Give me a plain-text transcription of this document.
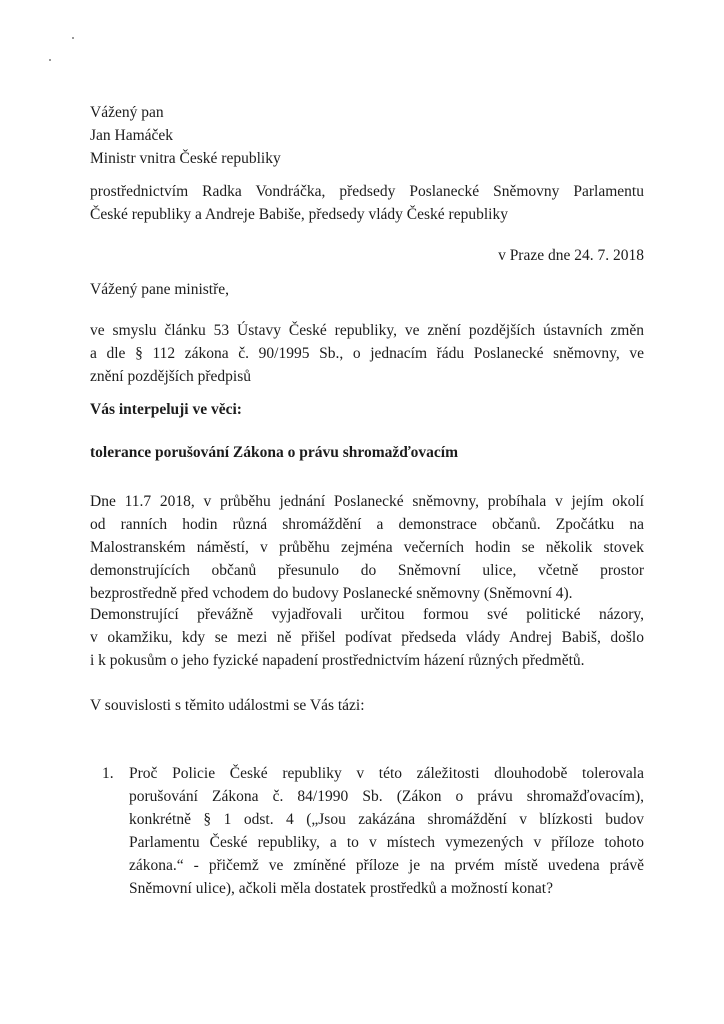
Vážený pan
Jan Hamáček
Ministr vnitra České republiky
prostřednictvím Radka Vondráčka, předsedy Poslanecké Sněmovny Parlamentu
České republiky a Andreje Babiše, předsedy vlády České republiky
v Praze dne 24. 7. 2018
Vážený pane ministře,
ve smyslu článku 53 Ústavy České republiky, ve znění pozdějších ústavních změn
a dle § 112 zákona č. 90/1995 Sb., o jednacím řádu Poslanecké sněmovny, ve
znění pozdějších předpisů
Vás interpeluji ve věci:
tolerance porušování Zákona o právu shromažďovacím
Dne 11.7 2018, v průběhu jednání Poslanecké sněmovny, probíhala v jejím okolí
od ranních hodin různá shromáždění a demonstrace občanů. Zpočátku na
Malostranském náměstí, v průběhu zejména večerních hodin se několik stovek
demonstrujících občanů přesunulo do Sněmovní ulice, včetně prostor
bezprostředně před vchodem do budovy Poslanecké sněmovny (Sněmovní 4).
Demonstrující převážně vyjadřovali určitou formou své politické názory,
v okamžiku, kdy se mezi ně přišel podívat předseda vlády Andrej Babiš, došlo
i k pokusům o jeho fyzické napadení prostřednictvím házení různých předmětů.
V souvislosti s těmito událostmi se Vás tázi:
1. Proč Policie České republiky v této záležitosti dlouhodobě tolerovala
porušování Zákona č. 84/1990 Sb. (Zákon o právu shromažďovacím),
konkrétně § 1 odst. 4 („Jsou zakázána shromáždění v blízkosti budov
Parlamentu České republiky, a to v místech vymezených v příloze tohoto
zákona.“ - přičemž ve zmíněné příloze je na prvém místě uvedena právě
Sněmovní ulice), ačkoli měla dostatek prostředků a možností konat?
